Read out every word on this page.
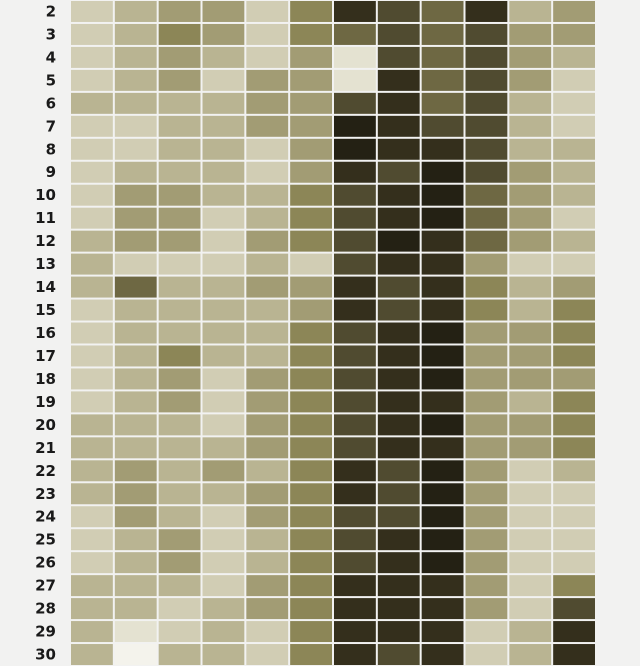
2
3
4
5
6
7
8
9
10
11
12
13
14
15
16
17
18
19
20
21
22
23
24
25
26
27
28
29
30
